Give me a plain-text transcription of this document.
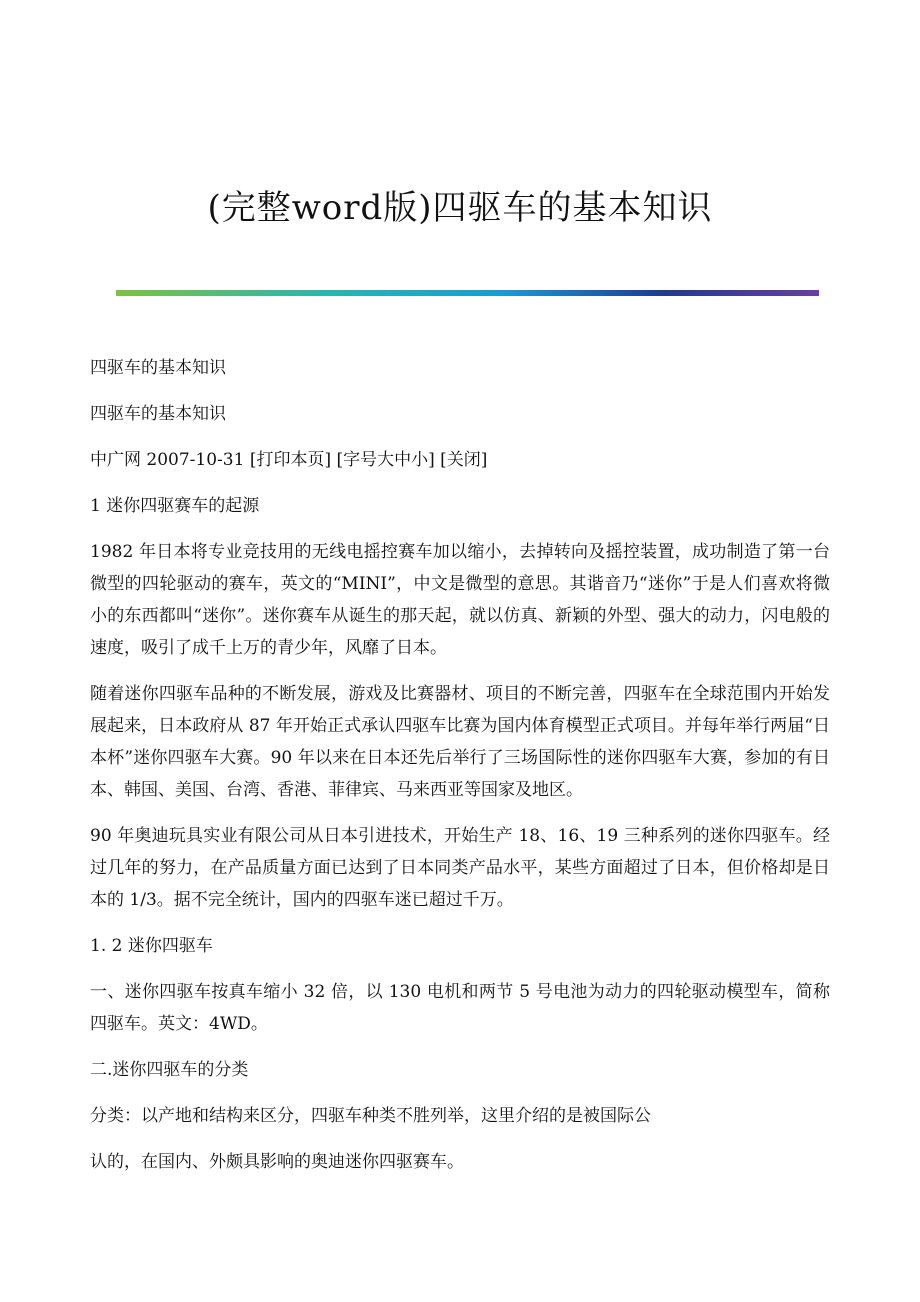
(完整word版)四驱车的基本知识

四驱车的基本知识

四驱车的基本知识

中广网 2007-10-31 [打印本页] [字号大中小] [关闭]

1 迷你四驱赛车的起源

1982 年日本将专业竞技用的无线电摇控赛车加以缩小，去掉转向及摇控装置，成功制造了第一台微型的四轮驱动的赛车，英文的“MINI”，中文是微型的意思。其谐音乃“迷你”于是人们喜欢将微小的东西都叫“迷你”。迷你赛车从诞生的那天起，就以仿真、新颖的外型、强大的动力，闪电般的速度，吸引了成千上万的青少年，风靡了日本。

随着迷你四驱车品种的不断发展，游戏及比赛器材、项目的不断完善，四驱车在全球范围内开始发展起来，日本政府从 87 年开始正式承认四驱车比赛为国内体育模型正式项目。并每年举行两届“日本杯”迷你四驱车大赛。90 年以来在日本还先后举行了三场国际性的迷你四驱车大赛，参加的有日本、韩国、美国、台湾、香港、菲律宾、马来西亚等国家及地区。

90 年奥迪玩具实业有限公司从日本引进技术，开始生产 18、16、19 三种系列的迷你四驱车。经过几年的努力，在产品质量方面已达到了日本同类产品水平，某些方面超过了日本，但价格却是日本的 1/3。据不完全统计，国内的四驱车迷已超过千万。

1. 2 迷你四驱车

一、迷你四驱车按真车缩小 32 倍，以 130 电机和两节 5 号电池为动力的四轮驱动模型车，简称四驱车。英文：4WD。

二.迷你四驱车的分类

分类：以产地和结构来区分，四驱车种类不胜列举，这里介绍的是被国际公

认的，在国内、外颇具影响的奥迪迷你四驱赛车。
